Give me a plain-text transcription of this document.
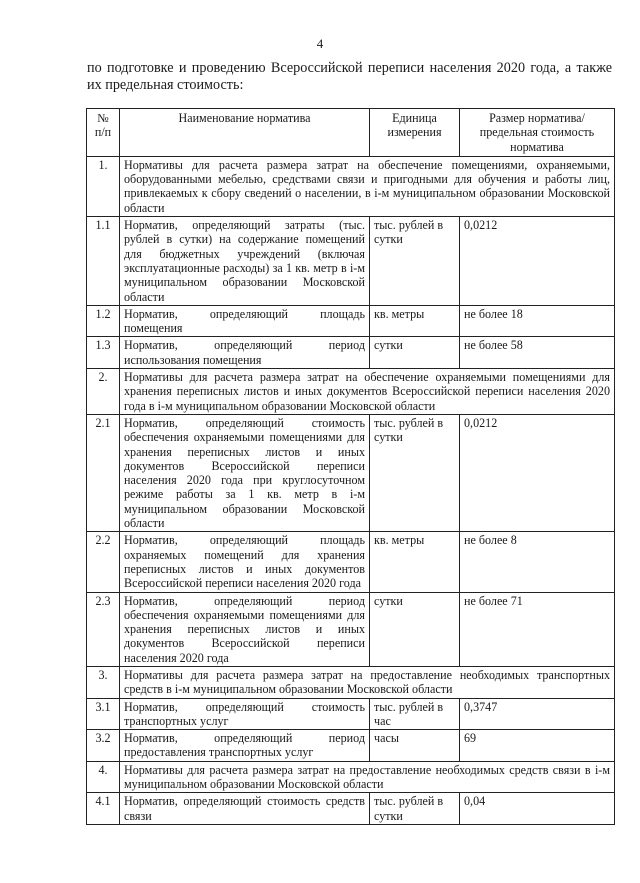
4

по подготовке и проведению Всероссийской переписи населения 2020 года, а также их предельная стоимость:

№ п/п	Наименование норматива	Единица измерения	Размер норматива/предельная стоимость норматива
1.	Нормативы для расчета размера затрат на обеспечение помещениями, охраняемыми, оборудованными мебелью, средствами связи и пригодными для обучения и работы лиц, привлекаемых к сбору сведений о населении, в i-м муниципальном образовании Московской области		
1.1	Норматив, определяющий затраты (тыс. рублей в сутки) на содержание помещений для бюджетных учреждений (включая эксплуатационные расходы) за 1 кв. метр в i-м муниципальном образовании Московской области	тыс. рублей в сутки	0,0212
1.2	Норматив, определяющий площадь помещения	кв. метры	не более 18
1.3	Норматив, определяющий период использования помещения	сутки	не более 58
2.	Нормативы для расчета размера затрат на обеспечение охраняемыми помещениями для хранения переписных листов и иных документов Всероссийской переписи населения 2020 года в i-м муниципальном образовании Московской области		
2.1	Норматив, определяющий стоимость обеспечения охраняемыми помещениями для хранения переписных листов и иных документов Всероссийской переписи населения 2020 года при круглосуточном режиме работы за 1 кв. метр в i-м муниципальном образовании Московской области	тыс. рублей в сутки	0,0212
2.2	Норматив, определяющий площадь охраняемых помещений для хранения переписных листов и иных документов Всероссийской переписи населения 2020 года	кв. метры	не более 8
2.3	Норматив, определяющий период обеспечения охраняемыми помещениями для хранения переписных листов и иных документов Всероссийской переписи населения 2020 года	сутки	не более 71
3.	Нормативы для расчета размера затрат на предоставление необходимых транспортных средств в i-м муниципальном образовании Московской области		
3.1	Норматив, определяющий стоимость транспортных услуг	тыс. рублей в час	0,3747
3.2	Норматив, определяющий период предоставления транспортных услуг	часы	69
4.	Нормативы для расчета размера затрат на предоставление необходимых средств связи в i-м муниципальном образовании Московской области		
4.1	Норматив, определяющий стоимость средств связи	тыс. рублей в сутки	0,04
